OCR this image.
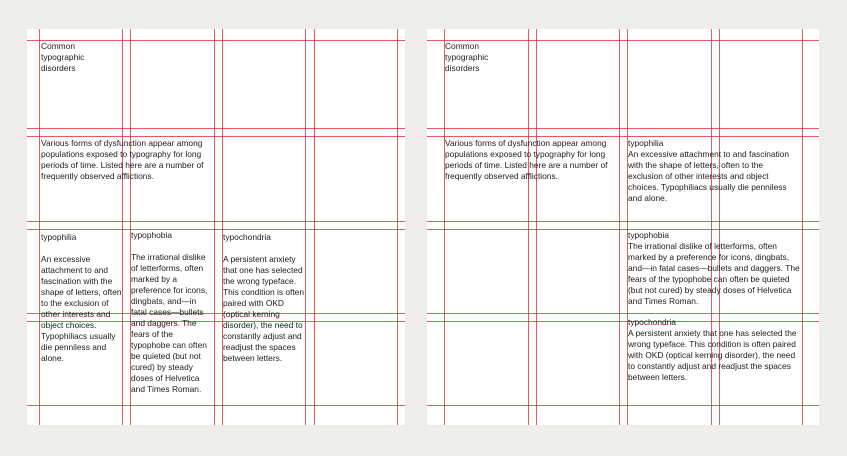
Common

typographic

disorders

Various forms of dysfunction appear among populations exposed to typography for long periods of time. Listed here are a number of frequently observed afflictions.

typophilia

An excessive attachment to and fascination with the shape of letters, often to the exclusion of other interests and object choices. Typophiliacs usually die penniless and alone.

typophobia

The irrational dislike of letterforms, often marked by a preference for icons, dingbats, and—in fatal cases—bullets and daggers. The fears of the typophobe can often be quieted (but not cured) by steady doses of Helvetica and Times Roman.

typochondria

A persistent anxiety that one has selected the wrong typeface. This condition is often paired with OKD (optical kerning disorder), the need to constantly adjust and readjust the spaces between letters.

Common

typographic

disorders

Various forms of dysfunction appear among populations exposed to typography for long periods of time. Listed here are a number of frequently observed afflictions.

typophilia

An excessive attachment to and fascination with the shape of letters, often to the exclusion of other interests and object choices. Typophiliacs usually die penniless and alone.

typophobia

The irrational dislike of letterforms, often marked by a preference for icons, dingbats, and—in fatal cases—bullets and daggers. The fears of the typophobe can often be quieted (but not cured) by steady doses of Helvetica and Times Roman.

typochondria

A persistent anxiety that one has selected the wrong typeface. This condition is often paired with OKD (optical kerning disorder), the need to constantly adjust and readjust the spaces between letters.
